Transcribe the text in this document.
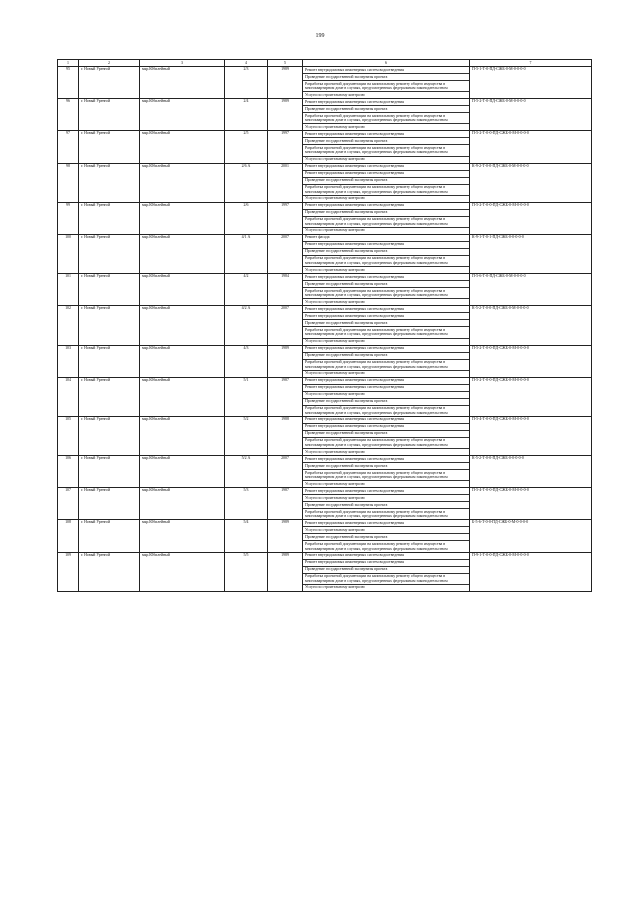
199
1	2	3	4	5	6	7
95	г. Новый Уренгой	мкр.Юбилейный	2/3	1989	Ремонт внутридомовых инженерных систем водоотведения
Проведение государственной экспертизы проекта
Разработка проектной документации на капитальному ремонту общего имущества в многоквартирном доме в случаях, предусмотренных федеральным законодательством
Услуги по строительному контролю	П-5-1-Т-0-ПД-СЖБ-0-М-0-0-0-0
96	г. Новый Уренгой	мкр.Юбилейный	2/4	1989	Ремонт внутридомовых инженерных систем водоотведения
Проведение государственной экспертизы проекта
Разработка проектной документации на капитальному ремонту общего имущества в многоквартирном доме в случаях, предусмотренных федеральным законодательством
Услуги по строительному контролю	П-5-2-Т-0-ПД-СЖБ-0-М-0-0-0-0
97	г. Новый Уренгой	мкр.Юбилейный	2/5	1997	Ремонт внутридомовых инженерных систем водоотведения
Проведение государственной экспертизы проекта
Разработка проектной документации на капитальному ремонту общего имущества в многоквартирном доме в случаях, предусмотренных федеральным законодательством
Услуги по строительному контролю	П-5-2-Т-0-0-ПД-СЖБ-0-М-0-0-0-0
98	г. Новый Уренгой	мкр.Юбилейный	2/6 А	2001	Ремонт внутридомовых инженерных систем водоотведения
Ремонт внутридомовых инженерных систем водоотведения
Проведение государственной экспертизы проекта
Разработка проектной документации на капитальному ремонту общего имущества в многоквартирном доме в случаях, предусмотренных федеральным законодательством
Услуги по строительному контролю	К-9-2-Т-0-0-ПД-СЖБ-0-М-0-0-0-0
99	г. Новый Уренгой	мкр.Юбилейный	2/6	1997	Ремонт внутридомовых инженерных систем водоотведения
Проведение государственной экспертизы проекта
Разработка проектной документации на капитальному ремонту общего имущества в многоквартирном доме в случаях, предусмотренных федеральным законодательством
Услуги по строительному контролю	П-5-2-Т-0-0-ПД-СЖБ-0-М-0-0-0-0
100	г. Новый Уренгой	мкр.Юбилейный	4/1 А	2007	Ремонт фасада
Ремонт внутридомовых инженерных систем водоотведения
Проведение государственной экспертизы проекта
Разработка проектной документации на капитальному ремонту общего имущества в многоквартирном доме в случаях, предусмотренных федеральным законодательством
Услуги по строительному контролю	К-9-1-Т-0-1-ПД-СЖБ-0-0-0-0-0
101	г. Новый Уренгой	мкр.Юбилейный	4/2	1984	Ремонт внутридомовых инженерных систем водоотведения
Проведение государственной экспертизы проекта
Разработка проектной документации на капитальному ремонту общего имущества в многоквартирном доме в случаях, предусмотренных федеральным законодательством
Услуги по строительному контролю	П-5-6-Т-0-ПД-СЖБ-0-М-0-0-0-0
102	г. Новый Уренгой	мкр.Юбилейный	4/2 А	2007	Ремонт внутридомовых инженерных систем водоотведения
Ремонт внутридомовых инженерных систем водоотведения
Проведение государственной экспертизы проекта
Разработка проектной документации на капитальному ремонту общего имущества в многоквартирном доме в случаях, предусмотренных федеральным законодательством
Услуги по строительному контролю	К-5-2-Т-0-0-ПД-СЖБ-0-М-0-0-0-0
103	г. Новый Уренгой	мкр.Юбилейный	4/3	1989	Ремонт внутридомовых инженерных систем водоотведения
Проведение государственной экспертизы проекта
Разработка проектной документации на капитальному ремонту общего имущества в многоквартирном доме в случаях, предусмотренных федеральным законодательством
Услуги по строительному контролю	П-5-2-Т-0-0-ПД-СЖБ-0-М-0-0-0-0
104	г. Новый Уренгой	мкр.Юбилейный	5/1	1987	Ремонт внутридомовых инженерных систем водоотведения
Ремонт внутридомовых инженерных систем водоотведения
Услуги по строительному контролю
Проведение государственной экспертизы проекта
Разработка проектной документации на капитальному ремонту общего имущества в многоквартирном доме в случаях, предусмотренных федеральным законодательством	П-5-2-Т-0-0-ПД-СЖБ-0-М-0-0-0-0
105	г. Новый Уренгой	мкр.Юбилейный	5/2	1988	Ремонт внутридомовых инженерных систем водоотведения
Ремонт внутридомовых инженерных систем водоотведения
Проведение государственной экспертизы проекта
Разработка проектной документации на капитальному ремонту общего имущества в многоквартирном доме в случаях, предусмотренных федеральным законодательством
Услуги по строительному контролю	П-5-4-Т-0-0-ПД-СЖБ-0-М-0-0-0-0
106	г. Новый Уренгой	мкр.Юбилейный	5/2 А	2007	Ремонт внутридомовых инженерных систем водоотведения
Проведение государственной экспертизы проекта
Разработка проектной документации на капитальному ремонту общего имущества в многоквартирном доме в случаях, предусмотренных федеральным законодательством
Услуги по строительному контролю	К-5-2-Т-0-0-ПД-СЖБ-0-0-0-0-0
107	г. Новый Уренгой	мкр.Юбилейный	5/3	1987	Ремонт внутридомовых инженерных систем водоотведения
Услуги по строительному контролю
Проведение государственной экспертизы проекта
Разработка проектной документации на капитальному ремонту общего имущества в многоквартирном доме в случаях, предусмотренных федеральным законодательством	П-5-4-Т-0-0-ПД-СЖБ-0-М-0-0-0-0
108	г. Новый Уренгой	мкр.Юбилейный	5/4	1989	Ремонт внутридомовых инженерных систем водоотведения
Услуги по строительному контролю
Проведение государственной экспертизы проекта
Разработка проектной документации на капитальному ремонту общего имущества в многоквартирном доме в случаях, предусмотренных федеральным законодательством	Б-5-6-Т-0-0-ПД-СЖБ-0-М-0-0-0-0
109	г. Новый Уренгой	мкр.Юбилейный	5/5	1989	Ремонт внутридомовых инженерных систем водоотведения
Ремонт внутридомовых инженерных систем водоотведения
Проведение государственной экспертизы проекта
Разработка проектной документации на капитальному ремонту общего имущества в многоквартирном доме в случаях, предусмотренных федеральным законодательством
Услуги по строительному контролю	П-9-1-Т-0-0-ПД-СЖБ-0-М-0-0-0-0
